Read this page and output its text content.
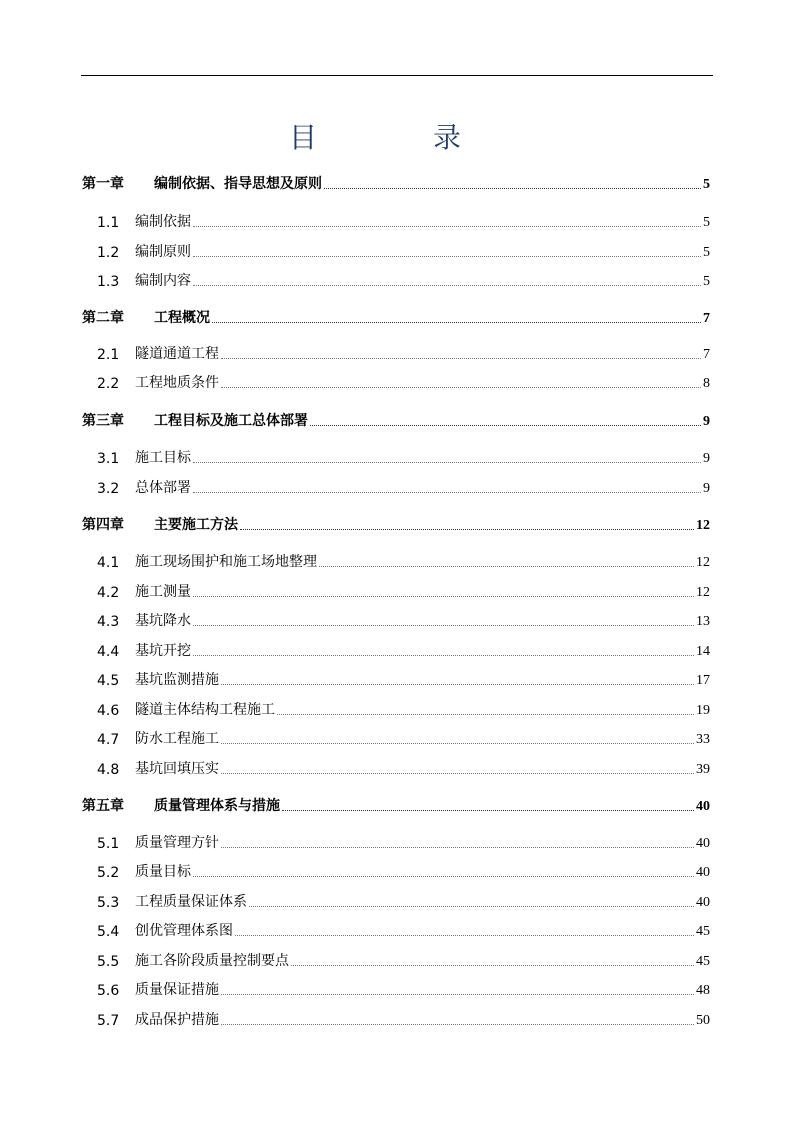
目　录
第一章	编制依据、指导思想及原则	5
1.1	编制依据	5
1.2	编制原则	5
1.3	编制内容	5
第二章	工程概况	7
2.1	隧道通道工程	7
2.2	工程地质条件	8
第三章	工程目标及施工总体部署	9
3.1	施工目标	9
3.2	总体部署	9
第四章	主要施工方法	12
4.1	施工现场围护和施工场地整理	12
4.2	施工测量	12
4.3	基坑降水	13
4.4	基坑开挖	14
4.5	基坑监测措施	17
4.6	隧道主体结构工程施工	19
4.7	防水工程施工	33
4.8	基坑回填压实	39
第五章	质量管理体系与措施	40
5.1	质量管理方针	40
5.2	质量目标	40
5.3	工程质量保证体系	40
5.4	创优管理体系图	45
5.5	施工各阶段质量控制要点	45
5.6	质量保证措施	48
5.7	成品保护措施	50
